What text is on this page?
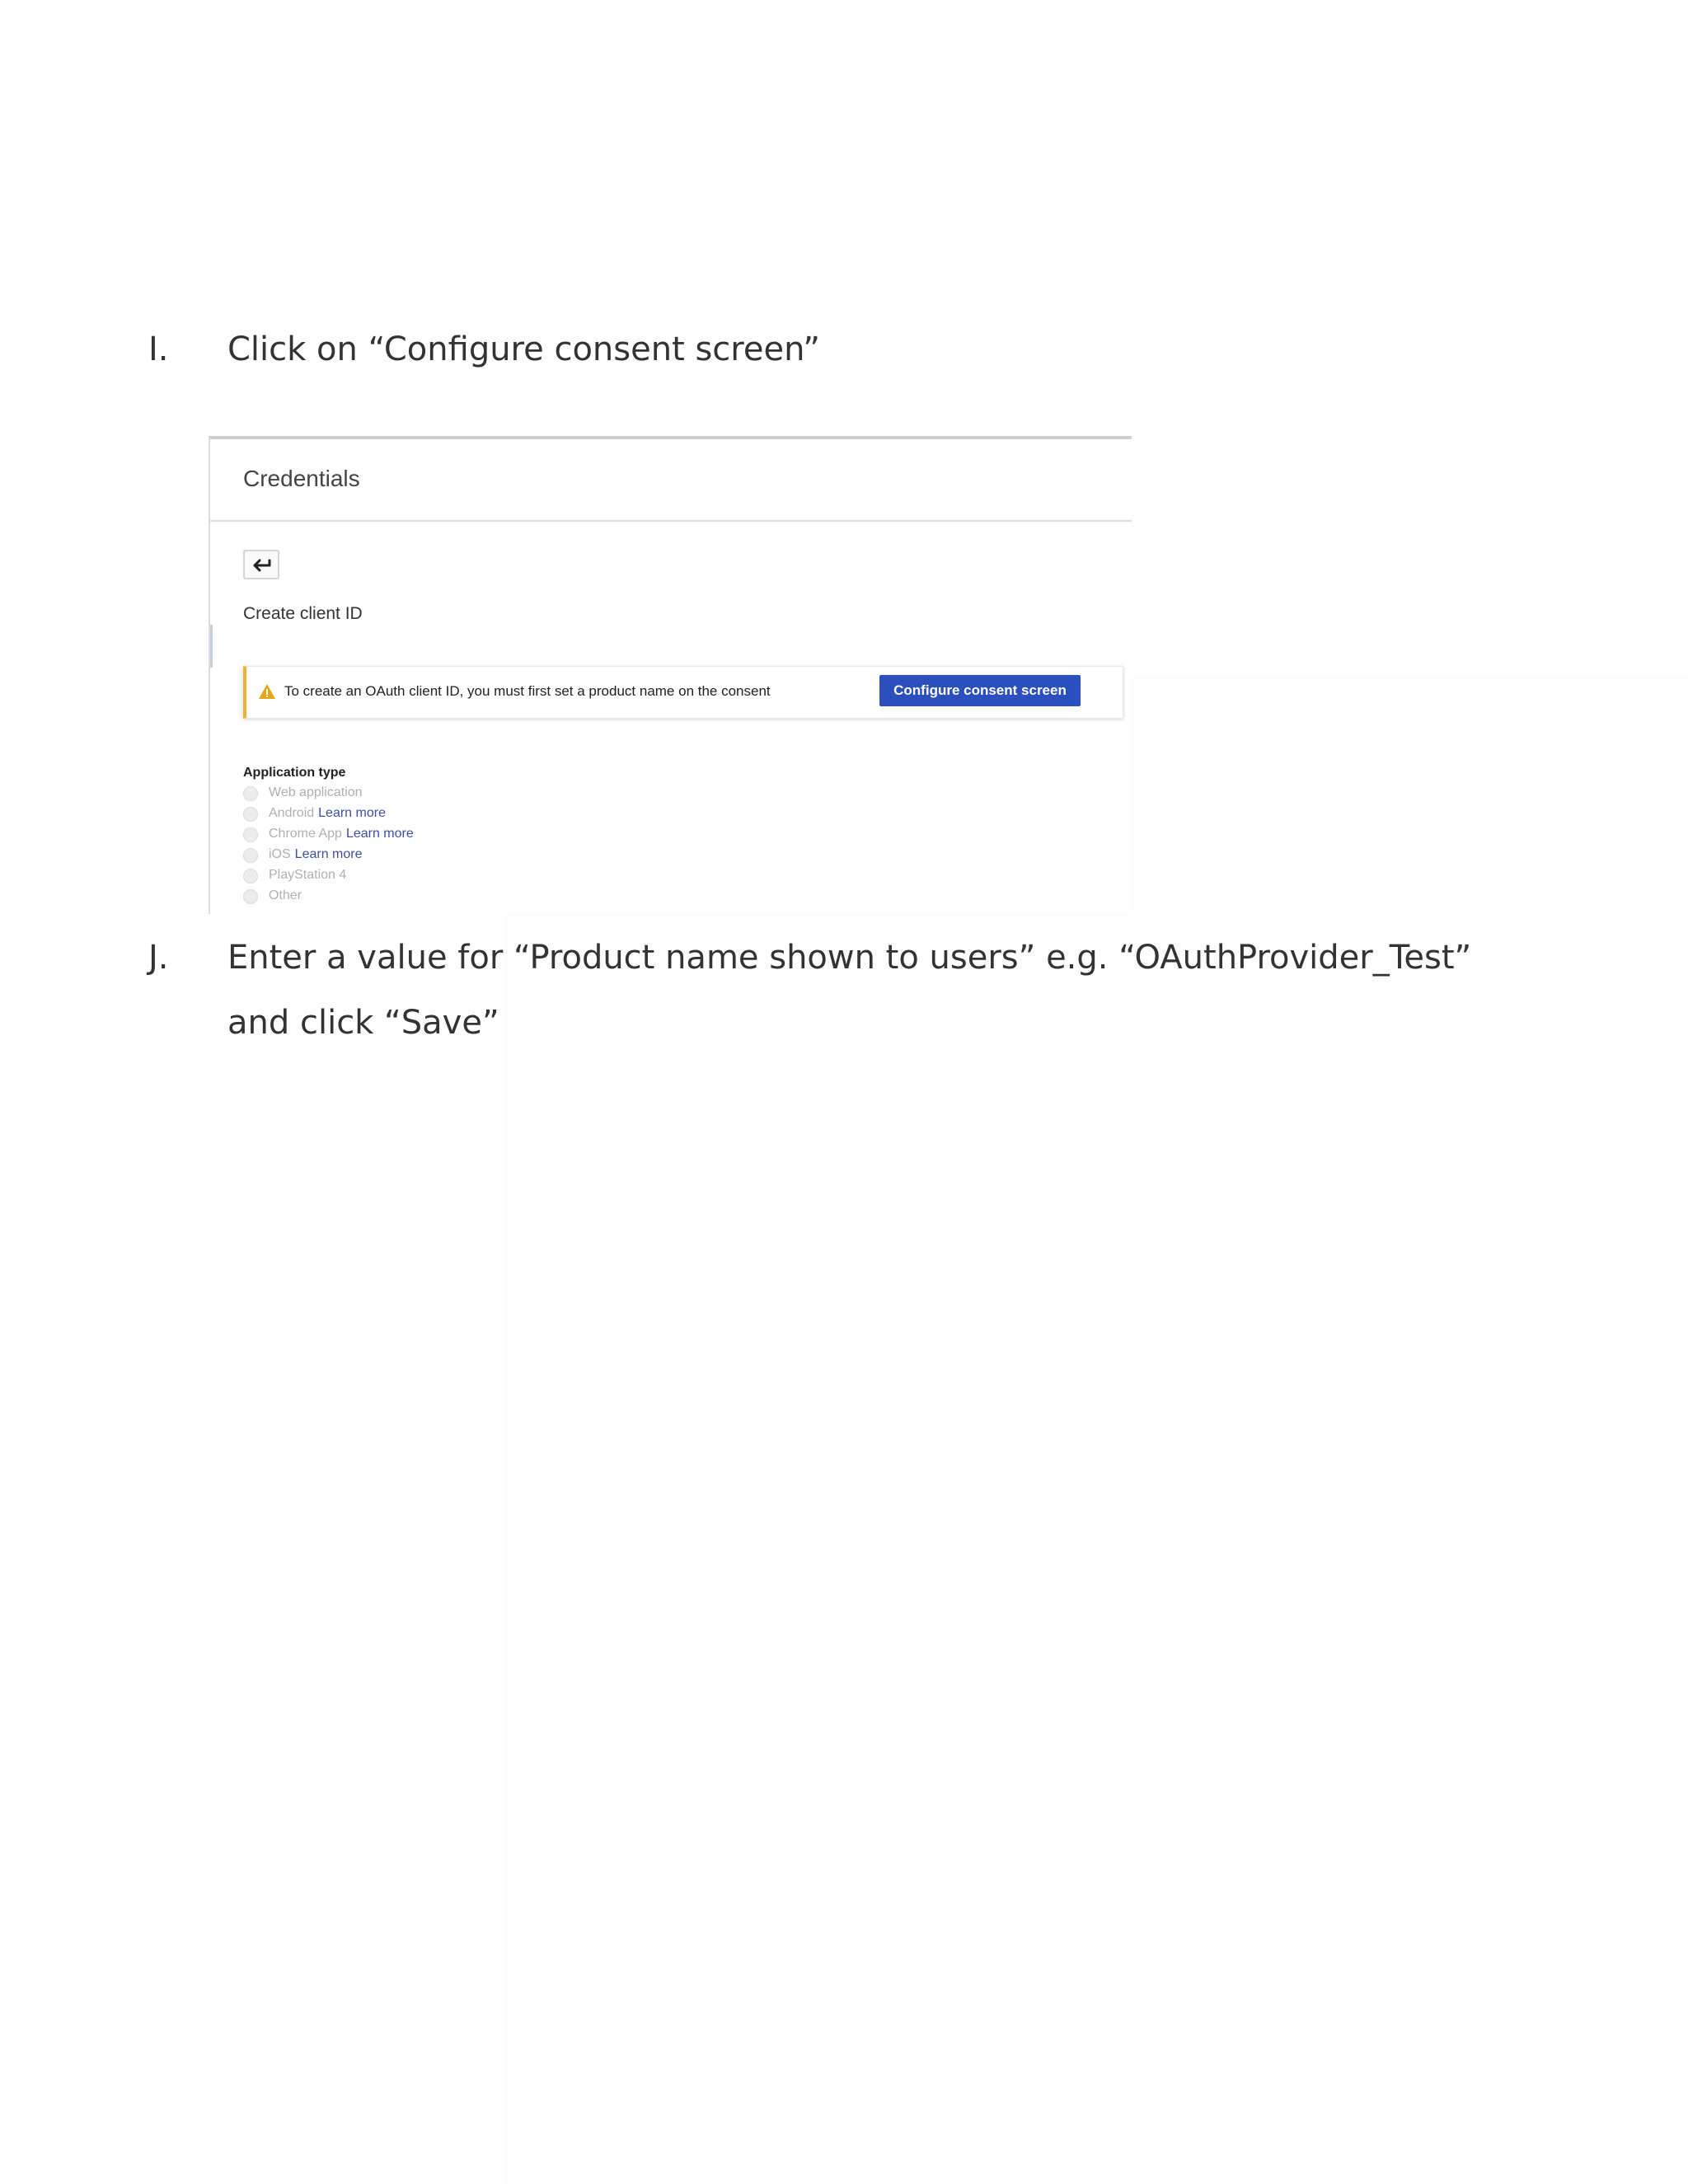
I. Click on “Configure consent screen”
Credentials
Create client ID
To create an OAuth client ID, you must first set a product name on the consent	Configure consent screen
Application type
Web application
Android Learn more
Chrome App Learn more
iOS Learn more
PlayStation 4
Other
J. Enter a value for “Product name shown to users” e.g. “OAuthProvider_Test”
and click “Save”
